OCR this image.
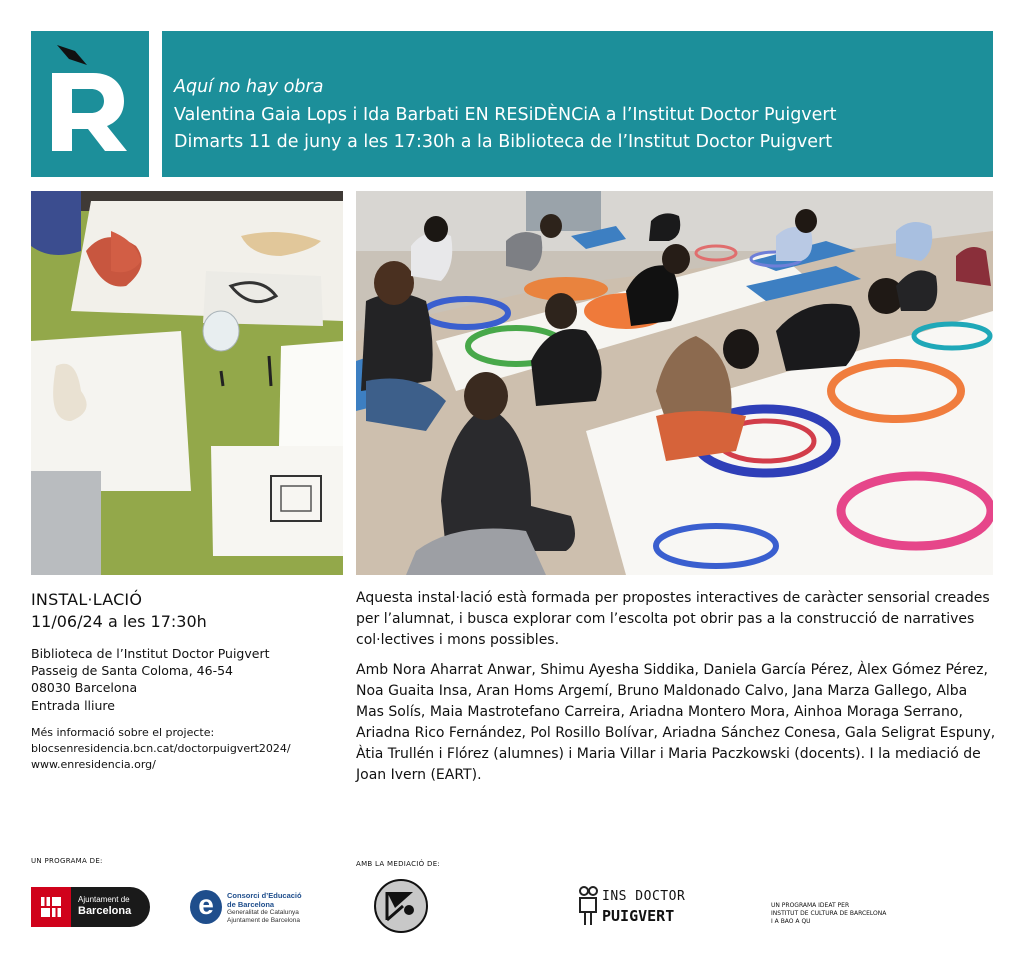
Aquí no hay obra
Valentina Gaia Lops i Ida Barbati EN RESiDÈNCiA a l’Institut Doctor Puigvert
Dimarts 11 de juny a les 17:30h a la Biblioteca de l’Institut Doctor Puigvert
INSTAL·LACIÓ
11/06/24 a les 17:30h
Biblioteca de l’Institut Doctor Puigvert
Passeig de Santa Coloma, 46-54
08030 Barcelona
Entrada lliure
Més informació sobre el projecte:
blocsenresidencia.bcn.cat/doctorpuigvert2024/
www.enresidencia.org/
Aquesta instal·lació està formada per propostes interactives de caràcter sensorial creades per l’alumnat, i busca explorar com l’escolta pot obrir pas a la construcció de narratives col·lectives i mons possibles.
Amb Nora Aharrat Anwar, Shimu Ayesha Siddika, Daniela García Pérez, Àlex Gómez Pérez, Noa Guaita Insa, Aran Homs Argemí, Bruno Maldonado Calvo, Jana Marza Gallego, Alba Mas Solís, Maia Mastrotefano Carreira, Ariadna Montero Mora, Ainhoa Moraga Serrano, Ariadna Rico Fernández, Pol Rosillo Bolívar, Ariadna Sánchez Conesa, Gala Seligrat Espuny, Àtia Trullén i Flórez (alumnes) i Maria Villar i Maria Paczkowski (docents). I la mediació de Joan Ivern (EART).
UN PROGRAMA DE:	AMB LA MEDIACIÓ DE:
Ajuntament de
Barcelona e	Consorci d’Educació
de Barcelona
Generalitat de Catalunya
Ajuntament de Barcelona
INS DOCTOR
PUIGVERT
UN PROGRAMA IDEAT PER
INSTITUT DE CULTURA DE BARCELONA
I A BAO A QU
